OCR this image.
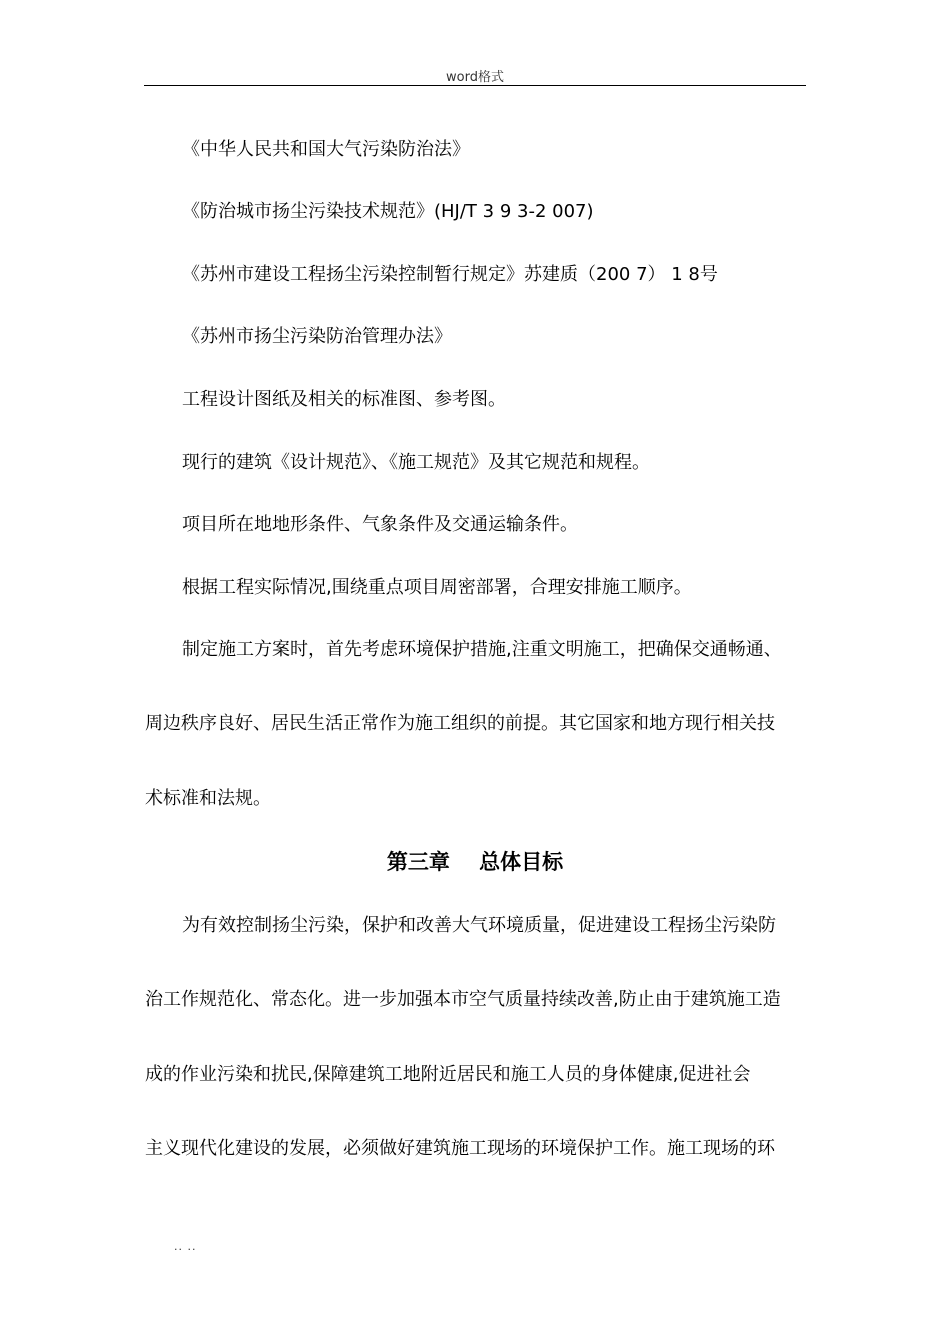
word格式
《中华人民共和国大气污染防治法》
《防治城市扬尘污染技术规范》(HJ/T 3 9 3-2 007)
《苏州市建设工程扬尘污染控制暂行规定》苏建质（200 7） 1 8号
《苏州市扬尘污染防治管理办法》
工程设计图纸及相关的标准图、参考图。
现行的建筑《设计规范》、《施工规范》及其它规范和规程。
项目所在地地形条件、气象条件及交通运输条件。
根据工程实际情况,围绕重点项目周密部署，合理安排施工顺序。
制定施工方案时，首先考虑环境保护措施,注重文明施工，把确保交通畅通、
周边秩序良好、居民生活正常作为施工组织的前提。其它国家和地方现行相关技
术标准和法规。
第三章    总体目标
为有效控制扬尘污染，保护和改善大气环境质量，促进建设工程扬尘污染防
治工作规范化、常态化。进一步加强本市空气质量持续改善,防止由于建筑施工造
成的作业污染和扰民,保障建筑工地附近居民和施工人员的身体健康,促进社会
主义现代化建设的发展，必须做好建筑施工现场的环境保护工作。施工现场的环
.. ..
